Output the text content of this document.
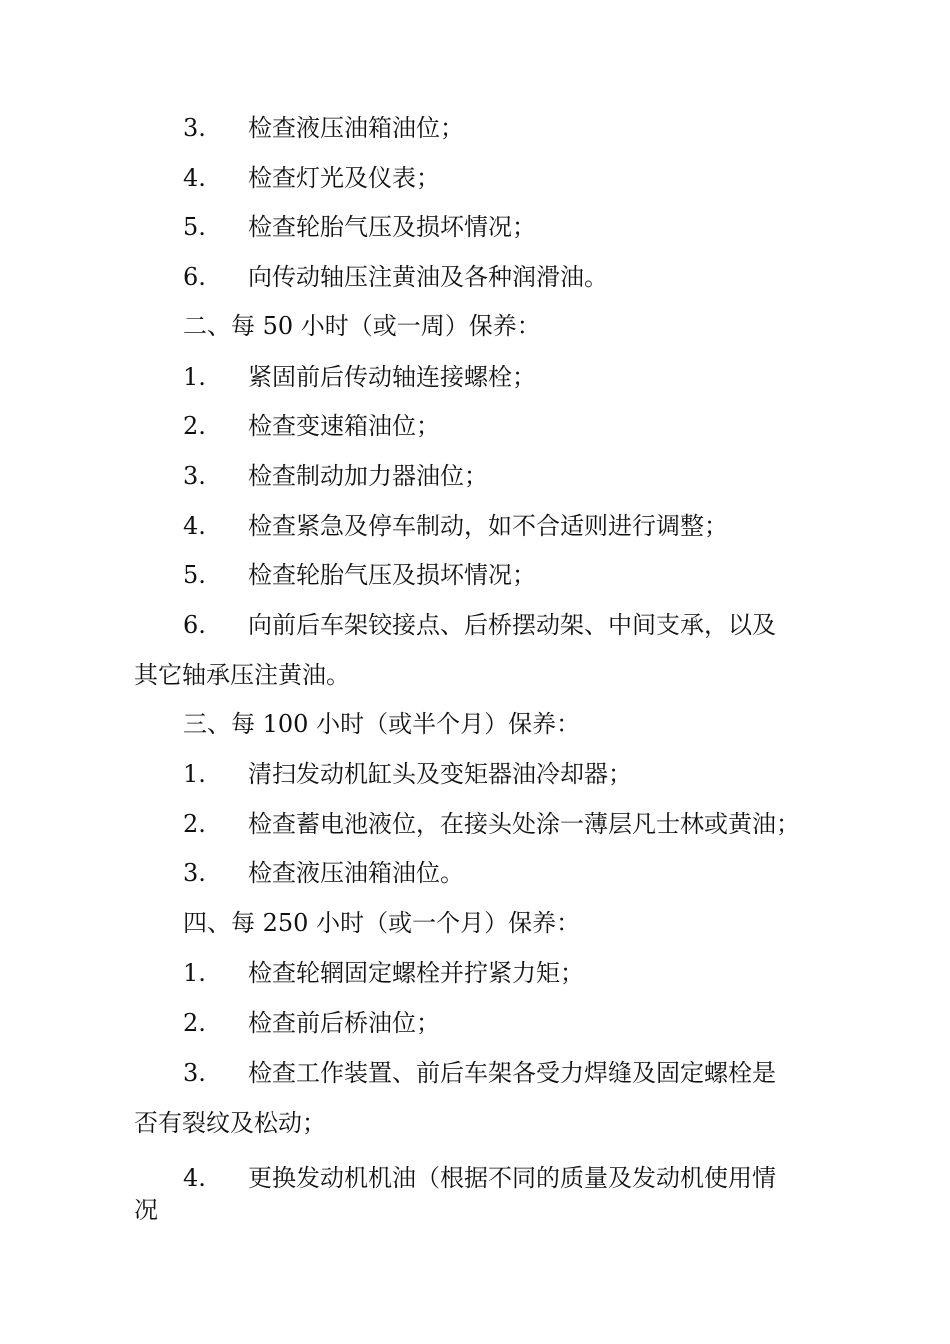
3. 检查液压油箱油位；
4. 检查灯光及仪表；
5. 检查轮胎气压及损坏情况；
6. 向传动轴压注黄油及各种润滑油。
二、每 50 小时（或一周）保养：
1. 紧固前后传动轴连接螺栓；
2. 检查变速箱油位；
3. 检查制动加力器油位；
4. 检查紧急及停车制动，如不合适则进行调整；
5. 检查轮胎气压及损坏情况；
6. 向前后车架铰接点、后桥摆动架、中间支承，以及
其它轴承压注黄油。
三、每 100 小时（或半个月）保养：
1. 清扫发动机缸头及变矩器油冷却器；
2. 检查蓄电池液位，在接头处涂一薄层凡士林或黄油；
3. 检查液压油箱油位。
四、每 250 小时（或一个月）保养：
1. 检查轮辋固定螺栓并拧紧力矩；
2. 检查前后桥油位；
3. 检查工作装置、前后车架各受力焊缝及固定螺栓是
否有裂纹及松动；
4. 更换发动机机油（根据不同的质量及发动机使用情
况
